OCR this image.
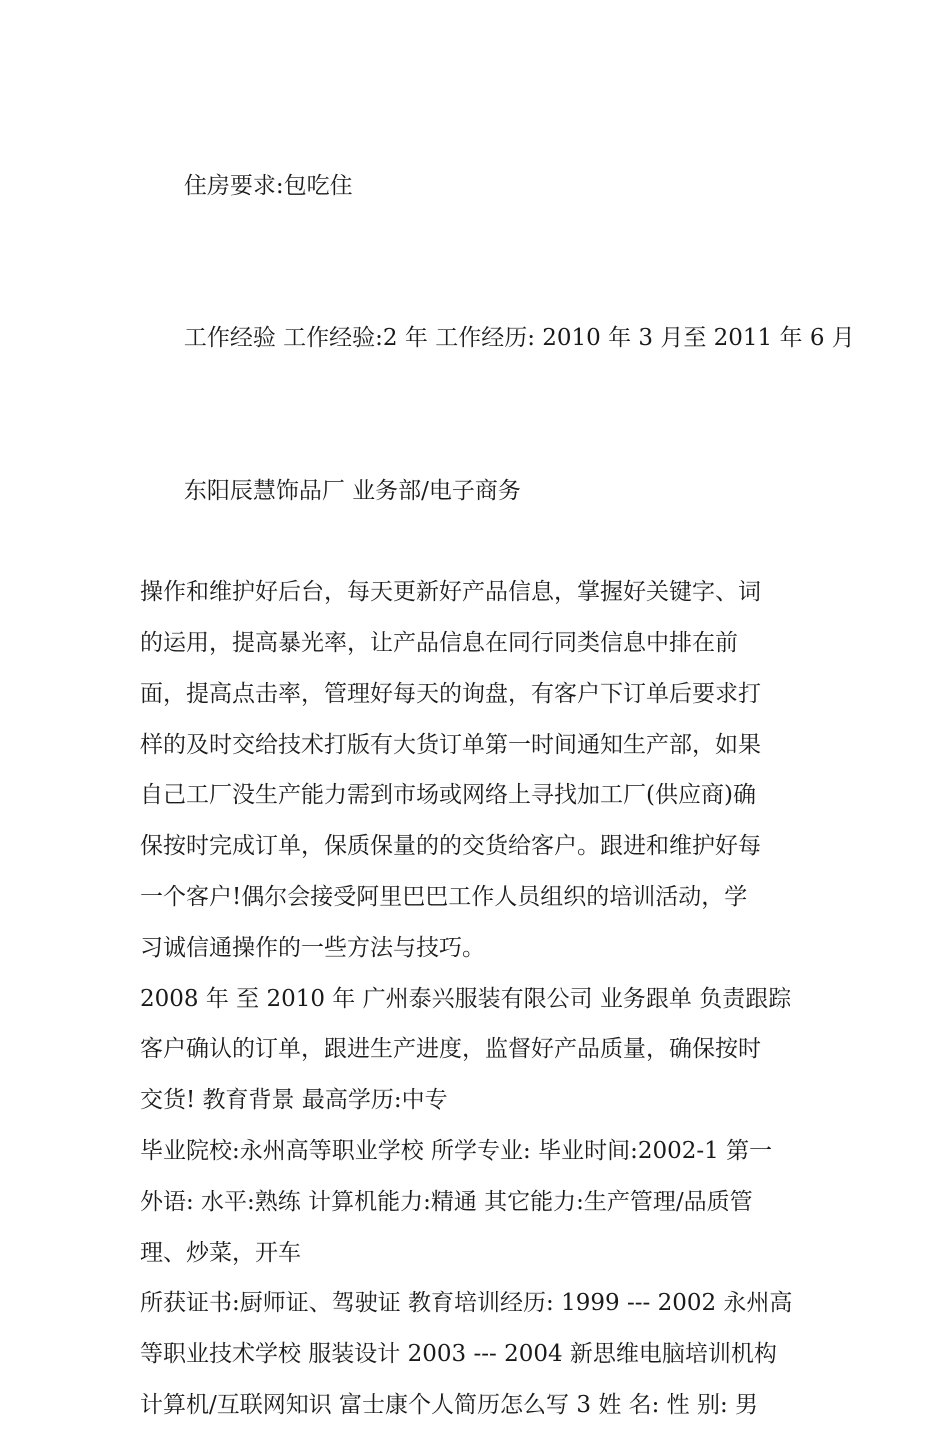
住房要求:包吃住

工作经验 工作经验:2 年 工作经历: 2010 年 3 月至 2011 年 6 月

东阳辰慧饰品厂 业务部/电子商务

操作和维护好后台，每天更新好产品信息，掌握好关键字、词
的运用，提高暴光率，让产品信息在同行同类信息中排在前
面，提高点击率，管理好每天的询盘，有客户下订单后要求打
样的及时交给技术打版有大货订单第一时间通知生产部，如果
自己工厂没生产能力需到市场或网络上寻找加工厂(供应商)确
保按时完成订单，保质保量的的交货给客户。跟进和维护好每
一个客户!偶尔会接受阿里巴巴工作人员组织的培训活动，学
习诚信通操作的一些方法与技巧。
2008 年 至 2010 年 广州泰兴服装有限公司 业务跟单 负责跟踪
客户确认的订单，跟进生产进度，监督好产品质量，确保按时
交货! 教育背景 最高学历:中专
毕业院校:永州高等职业学校 所学专业: 毕业时间:2002-1 第一
外语: 水平:熟练 计算机能力:精通 其它能力:生产管理/品质管
理、炒菜，开车
所获证书:厨师证、驾驶证 教育培训经历: 1999 --- 2002 永州高
等职业技术学校 服装设计 2003 --- 2004 新思维电脑培训机构
计算机/互联网知识 富士康个人简历怎么写 3 姓 名: 性 别: 男
